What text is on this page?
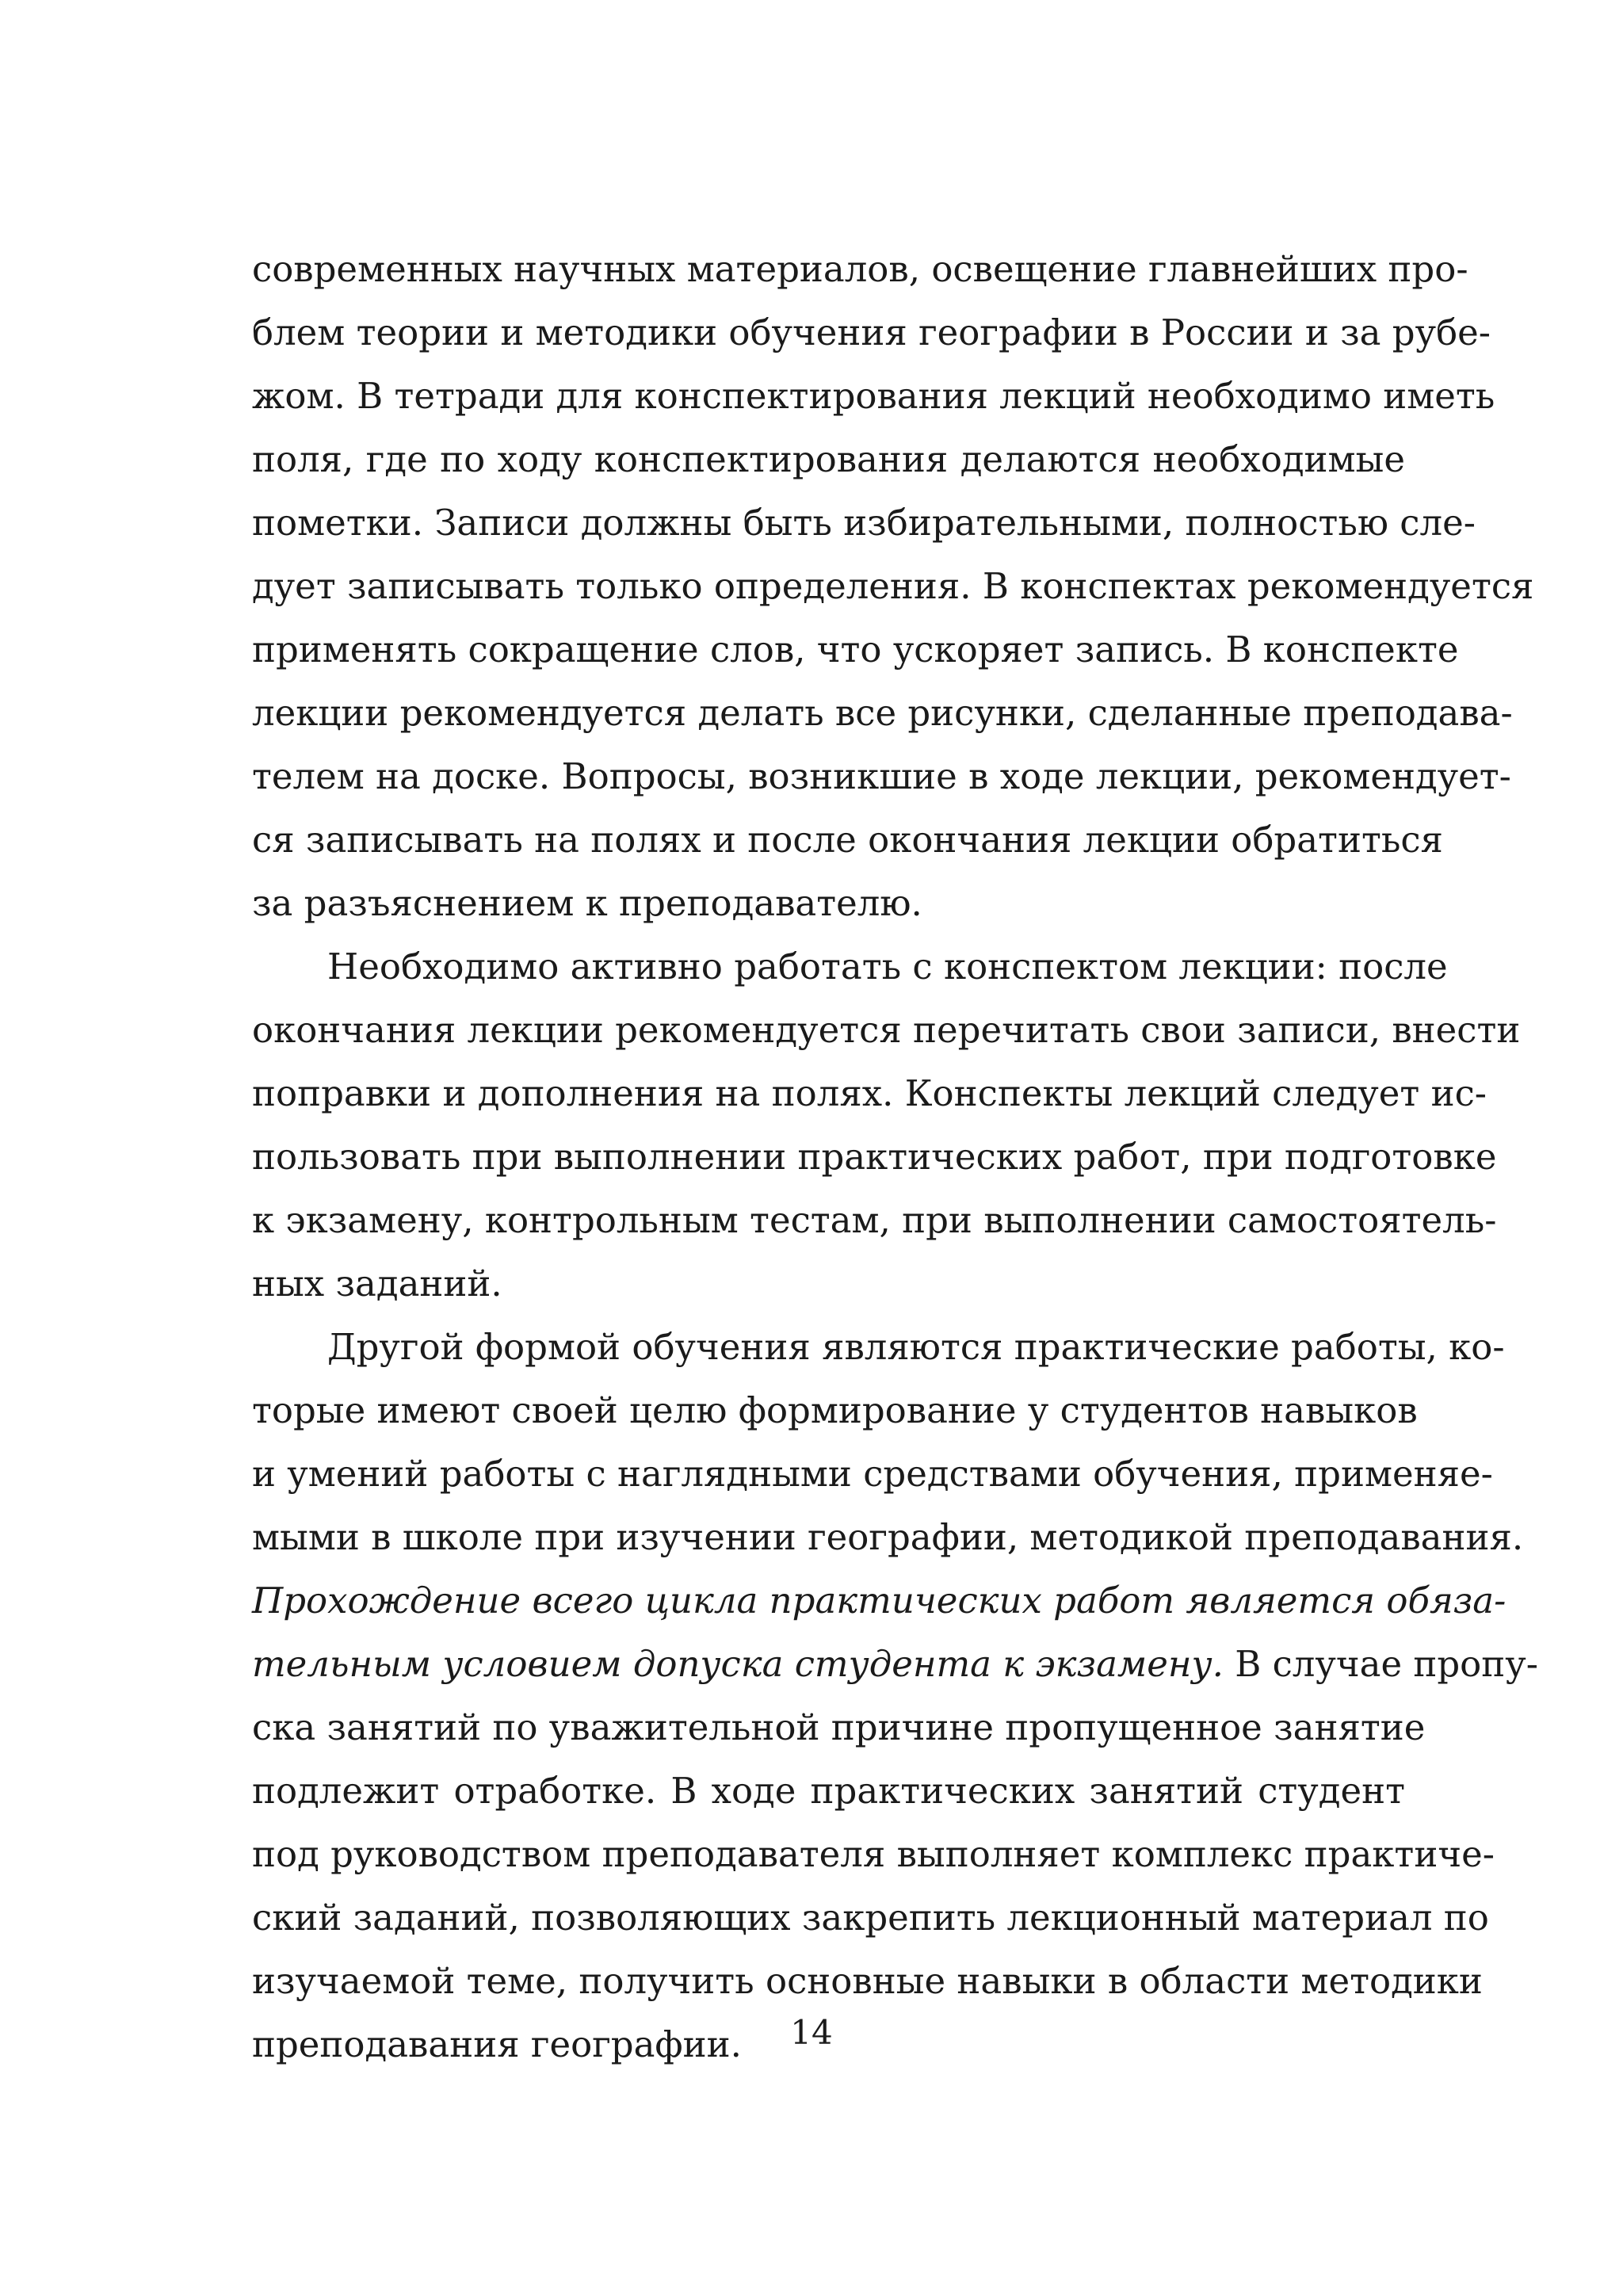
современных научных материалов, освещение главнейших про-
блем теории и методики обучения географии в России и за рубе-
жом. В тетради для конспектирования лекций необходимо иметь
поля, где по ходу конспектирования делаются необходимые
пометки. Записи должны быть избирательными, полностью сле-
дует записывать только определения. В конспектах рекомендуется
применять сокращение слов, что ускоряет запись. В конспекте
лекции рекомендуется делать все рисунки, сделанные преподава-
телем на доске. Вопросы, возникшие в ходе лекции, рекомендует-
ся записывать на полях и после окончания лекции обратиться
за разъяснением к преподавателю.
Необходимо активно работать с конспектом лекции: после
окончания лекции рекомендуется перечитать свои записи, внести
поправки и дополнения на полях. Конспекты лекций следует ис-
пользовать при выполнении практических работ, при подготовке
к экзамену, контрольным тестам, при выполнении самостоятель-
ных заданий.
Другой формой обучения являются практические работы, ко-
торые имеют своей целю формирование у студентов навыков
и умений работы с наглядными средствами обучения, применяе-
мыми в школе при изучении географии, методикой преподавания.
Прохождение всего цикла практических работ является обяза-
тельным условием допуска студента к экзамену. В случае пропу-
ска занятий по уважительной причине пропущенное занятие
подлежит отработке. В ходе практических занятий студент
под руководством преподавателя выполняет комплекс практиче-
ский заданий, позволяющих закрепить лекционный материал по
изучаемой теме, получить основные навыки в области методики
преподавания географии.	14
